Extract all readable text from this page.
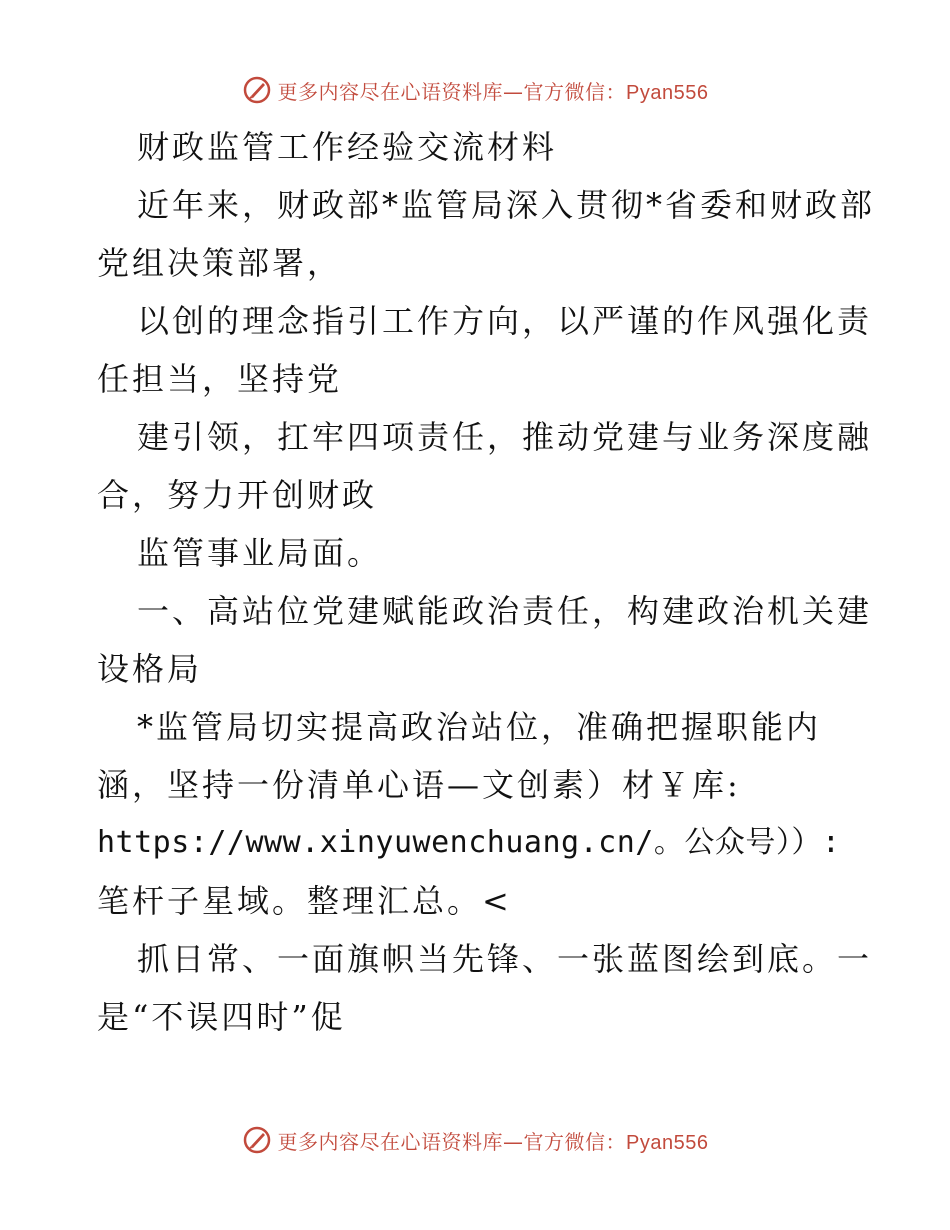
更多内容尽在心语资料库—官方微信：Pyan556
财政监管工作经验交流材料
近年来，财政部*监管局深入贯彻*省委和财政部
党组决策部署，
以创的理念指引工作方向，以严谨的作风强化责
任担当，坚持党
建引领，扛牢四项责任，推动党建与业务深度融
合，努力开创财政
监管事业局面。
一、高站位党建赋能政治责任，构建政治机关建
设格局
*监管局切实提高政治站位，准确把握职能内
涵，坚持一份清单心语—文创素）材￥库:
https://www.xinyuwenchuang.cn/。公众号））:
笔杆子星域。整理汇总。<
抓日常、一面旗帜当先锋、一张蓝图绘到底。一
是“不误四时”促
更多内容尽在心语资料库—官方微信：Pyan556
